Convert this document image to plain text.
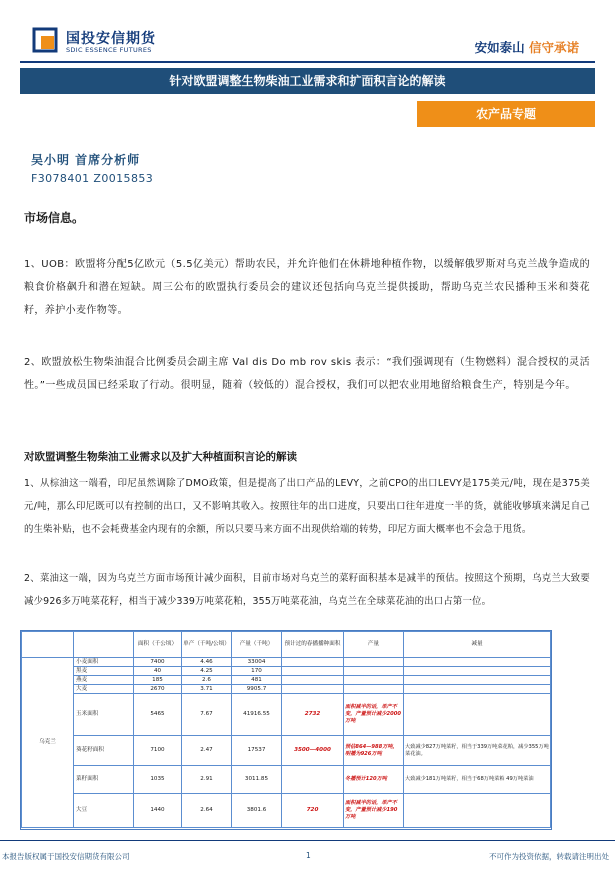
国投安信期货
SDIC ESSENCE FUTURES	安如泰山 信守承诺
针对欧盟调整生物柴油工业需求和扩面积言论的解读
农产品专题
吴小明 首席分析师
F3078401 Z0015853
市场信息。
1、UOB：欧盟将分配5亿欧元（5.5亿美元）帮助农民，并允许他们在休耕地种植作物，以缓解俄罗斯对乌克兰战争造成的粮食价格飙升和潜在短缺。周三公布的欧盟执行委员会的建议还包括向乌克兰提供援助，帮助乌克兰农民播种玉米和葵花籽，养护小麦作物等。
2、欧盟放松生物柴油混合比例委员会副主席 Val dis Do mb rov skis 表示：“我们强调现有（生物燃料）混合授权的灵活性。”一些成员国已经采取了行动。很明显，随着（较低的）混合授权，我们可以把农业用地留给粮食生产，特别是今年。
对欧盟调整生物柴油工业需求以及扩大种植面积言论的解读
1、从棕油这一端看，印尼虽然调除了DMO政策，但是提高了出口产品的LEVY，之前CPO的出口LEVY是175美元/吨，现在是375美元/吨，那么印尼既可以有控制的出口，又不影响其收入。按照往年的出口进度，只要出口往年进度一半的货，就能收够填来满足自己的生柴补贴，也不会耗费基金内现有的余额，所以只要马来方面不出现供给端的转势，印尼方面大概率也不会急于甩货。
2、菜油这一端，因为乌克兰方面市场预计减少面积，目前市场对乌克兰的菜籽面积基本是减半的预估。按照这个预期，乌克兰大致要减少926多万吨菜花籽，相当于减少339万吨菜花粕，355万吨菜花油，乌克兰在全球菜花油的出口占第一位。
		面积（千公顷）	单产（千吨/公顷）	产量（千吨）	预计过的春播播种面积	产量	减量
乌克兰	小麦面积	7400	4.46	33004			
	黑麦	40	4.25	170			
	燕麦	185	2.6	481			
	大麦	2670	3.71	9905.7			
	玉米面积	5465	7.67	41916.55	2732	面积减半的话，单产不变，产量预计减少2000万吨	
	葵花籽面积	7100	2.47	17537	3500—4000	预估864—988万吨，明播为926万吨	大致减少827万吨菜籽，相当于339万吨菜花粕，减少355万吨菜花油。
	菜籽面积	1035	2.91	3011.85		冬播预计120万吨	大致减少181万吨菜籽，相当于68万吨菜粕 49万吨菜油
	大豆	1440	2.64	3801.6	720	面积减半的话，单产不变，产量预计减少190万吨	
本报告版权属于国投安信期货有限公司	1	不可作为投资依据，转载请注明出处
